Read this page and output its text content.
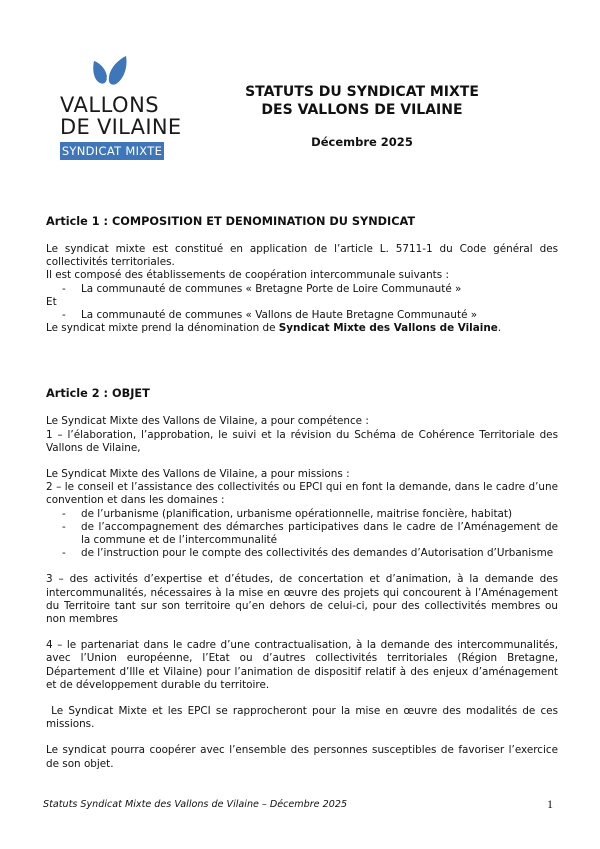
VALLONS
DE VILAINE
SYNDICAT MIXTE
STATUTS DU SYNDICAT MIXTE
DES VALLONS DE VILAINE
Décembre 2025
Article 1 : COMPOSITION ET DENOMINATION DU SYNDICAT

Le syndicat mixte est constitué en application de l’article L. 5711-1 du Code général des collectivités territoriales.

Il est composé des établissements de coopération intercommunale suivants :

- La communauté de communes « Bretagne Porte de Loire Communauté »

Et

- La communauté de communes « Vallons de Haute Bretagne Communauté »

Le syndicat mixte prend la dénomination de Syndicat Mixte des Vallons de Vilaine.

Article 2 : OBJET

Le Syndicat Mixte des Vallons de Vilaine, a pour compétence :

1 – l’élaboration, l’approbation, le suivi et la révision du Schéma de Cohérence Territoriale des Vallons de Vilaine,

Le Syndicat Mixte des Vallons de Vilaine, a pour missions :

2 – le conseil et l’assistance des collectivités ou EPCI qui en font la demande, dans le cadre d’une convention et dans les domaines :

- de l’urbanisme (planification, urbanisme opérationnelle, maitrise foncière, habitat)
- de l’accompagnement des démarches participatives dans le cadre de l’Aménagement de la commune et de l’intercommunalité
- de l’instruction pour le compte des collectivités des demandes d’Autorisation d’Urbanisme

3 – des activités d’expertise et d’études, de concertation et d’animation, à la demande des intercommunalités, nécessaires à la mise en œuvre des projets qui concourent à l’Aménagement du Territoire tant sur son territoire qu’en dehors de celui-ci, pour des collectivités membres ou non membres

4 – le partenariat dans le cadre d’une contractualisation, à la demande des intercommunalités, avec l’Union européenne, l’Etat ou d’autres collectivités territoriales (Région Bretagne, Département d’Ille et Vilaine) pour l’animation de dispositif relatif à des enjeux d’aménagement et de développement durable du territoire.

Le Syndicat Mixte et les EPCI se rapprocheront pour la mise en œuvre des modalités de ces missions.

Le syndicat pourra coopérer avec l’ensemble des personnes susceptibles de favoriser l’exercice de son objet.

Statuts Syndicat Mixte des Vallons de Vilaine – Décembre 2025	1
